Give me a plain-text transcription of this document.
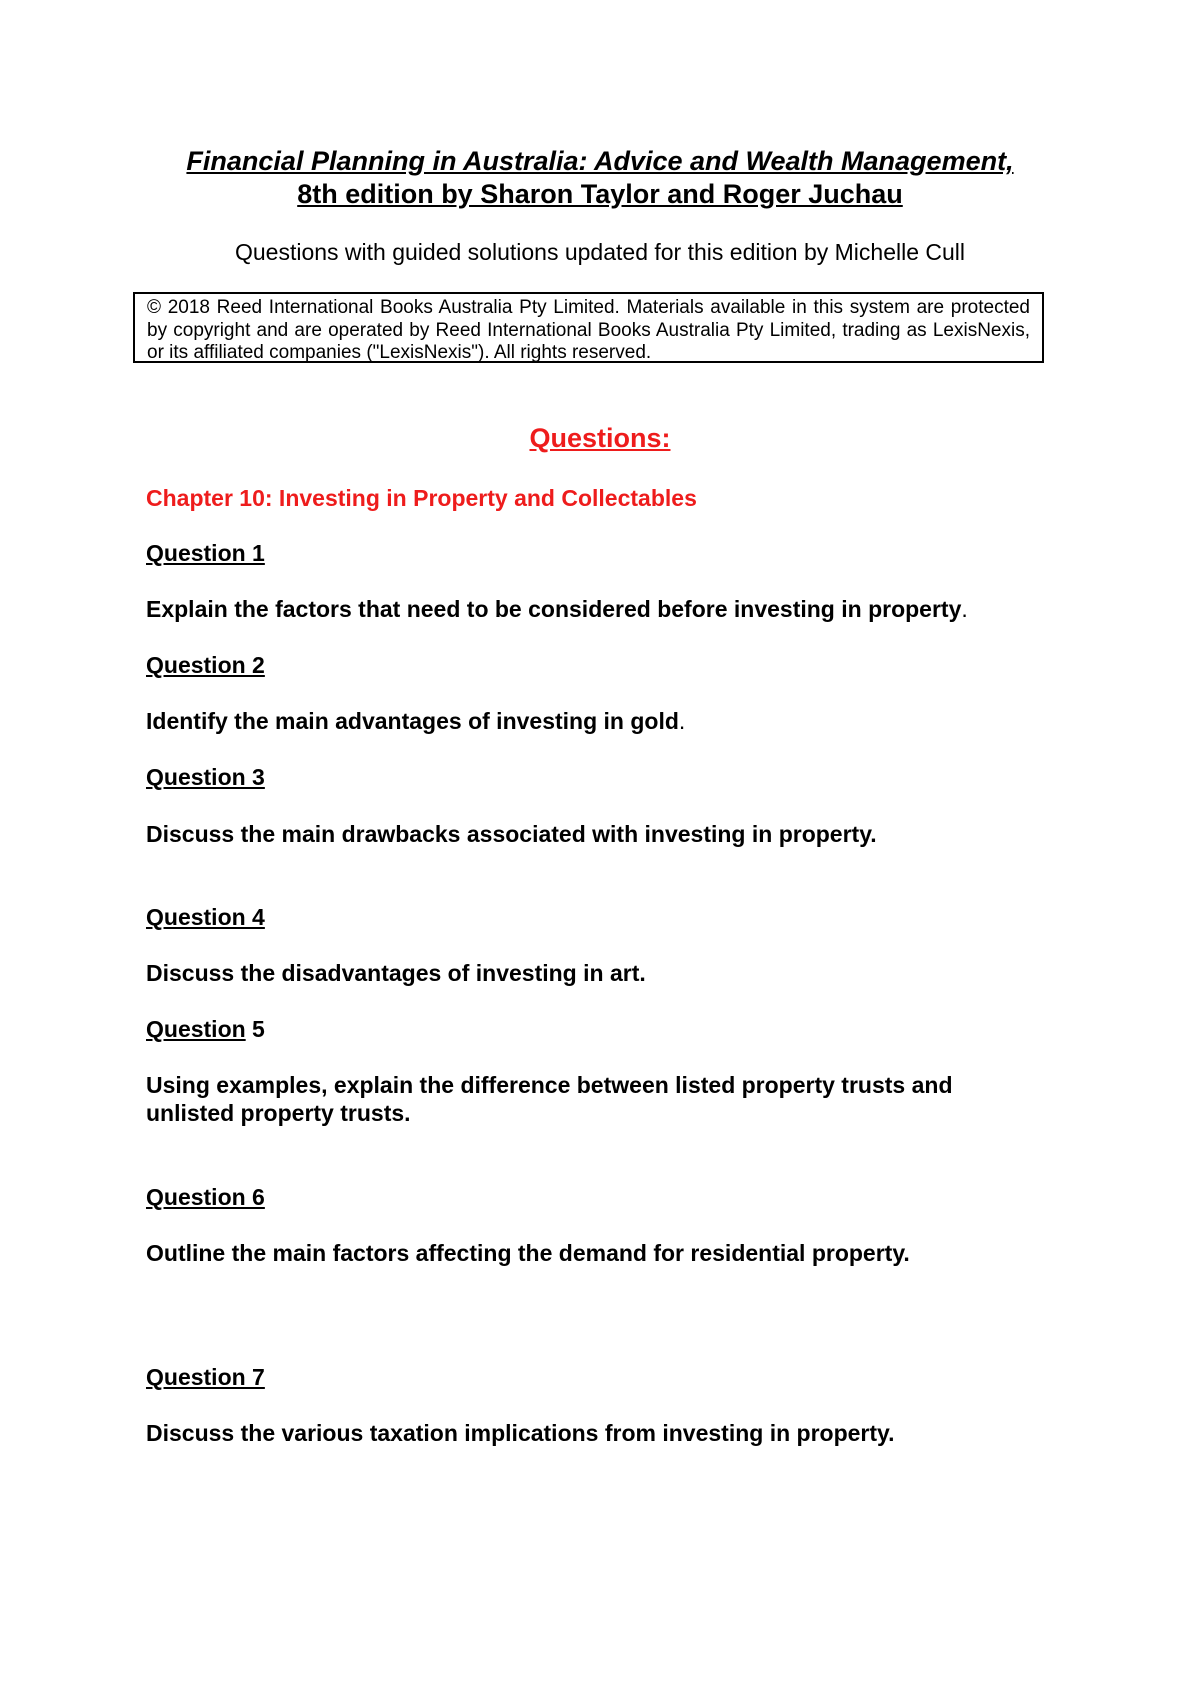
Financial Planning in Australia: Advice and Wealth Management,
8th edition by Sharon Taylor and Roger Juchau
Questions with guided solutions updated for this edition by Michelle Cull
© 2018 Reed International Books Australia Pty Limited. Materials available in this system are protected by copyright and are operated by Reed International Books Australia Pty Limited, trading as LexisNexis, or its affiliated companies ("LexisNexis"). All rights reserved.
Questions:
Chapter 10: Investing in Property and Collectables
Question 1
Explain the factors that need to be considered before investing in property.
Question 2
Identify the main advantages of investing in gold.
Question 3
Discuss the main drawbacks associated with investing in property.
Question 4
Discuss the disadvantages of investing in art.
Question 5
Using examples, explain the difference between listed property trusts and unlisted property trusts.
Question 6
Outline the main factors affecting the demand for residential property.
Question 7
Discuss the various taxation implications from investing in property.
